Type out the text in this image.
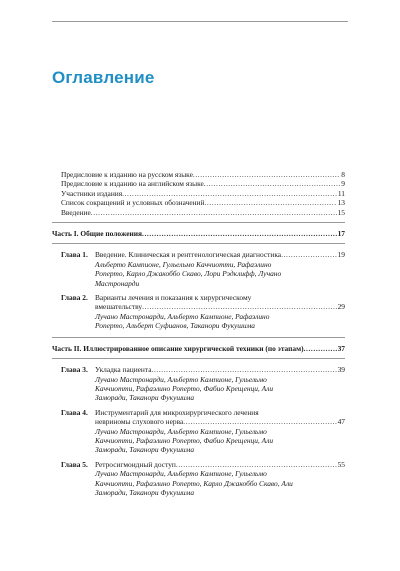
Оглавление
Предисловие к изданию на русском языке .....	8
Предисловие к изданию на английском языке .....	9
Участники издания .....	11
Список сокращений и условных обозначений .....	13
Введение .....	15
Часть I. Общие положения .....	17
Глава 1. Введение. Клиническая и рентгенологическая диагностика .....	19
Альберто Кампионе, Гульельмо Каччиотти, Рафаэлино
Роперто, Карло Джакоббо Скаво, Лори Рэдклифф, Лучано
Мастронарди
Глава 2. Варианты лечения и показания к хирургическому
вмешательству .....	29
Лучано Мастронарди, Альберто Кампионе, Рафаэлино
Роперто, Альберт Суфианов, Таканори Фукушима
Часть II. Иллюстрированное описание хирургической техники (по этапам) .....	37
Глава 3. Укладка пациента .....	39
Лучано Мастронарди, Альберто Кампионе, Гульельмо
Каччиотти, Рафаэлино Роперто, Фабио Крещенци, Али
Заморади, Таканори Фукушима
Глава 4. Инструментарий для микрохирургического лечения
невриномы слухового нерва .....	47
Лучано Мастронарди, Альберто Кампионе, Гульельмо
Каччиотти, Рафаэлино Роперто, Фабио Крещенци, Али
Заморади, Таканори Фукушима
Глава 5. Ретросигмоидный доступ .....	55
Лучано Мастронарди, Альберто Кампионе, Гульельмо
Каччиотти, Рафаэлино Роперто, Карло Джакоббо Скаво, Али
Заморади, Таканори Фукушима
